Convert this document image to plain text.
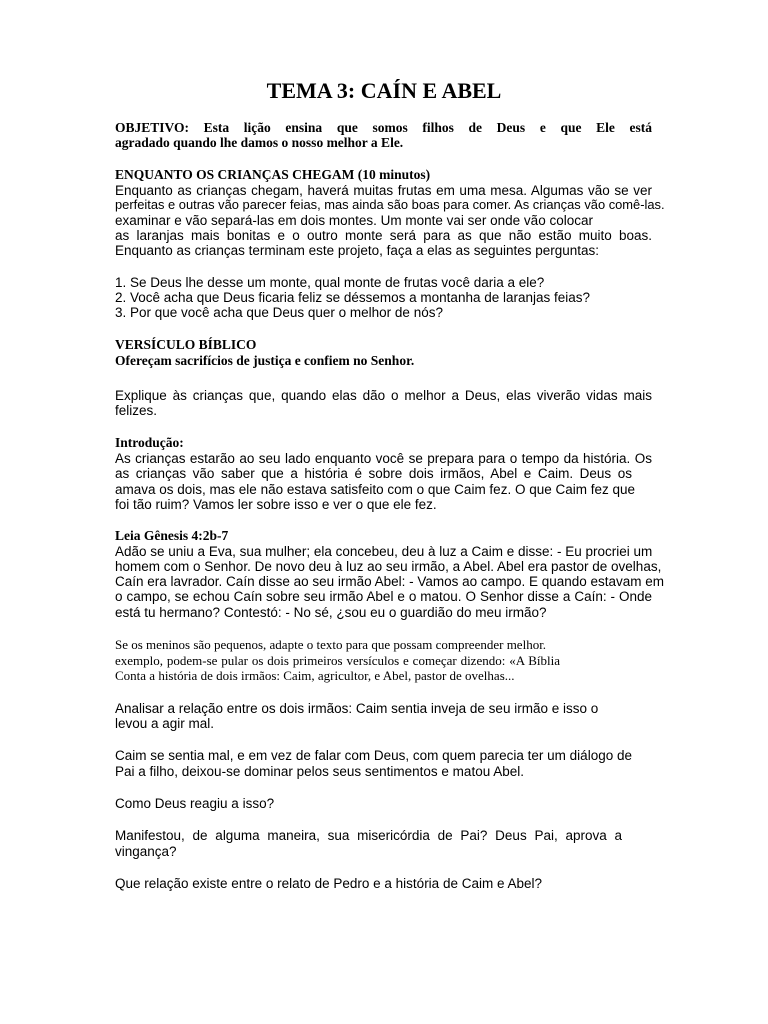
TEMA 3: CAÍN E ABEL

OBJETIVO: Esta lição ensina que somos filhos de Deus e que Ele está

agradado quando lhe damos o nosso melhor a Ele.

ENQUANTO OS CRIANÇAS CHEGAM (10 minutos)

Enquanto as crianças chegam, haverá muitas frutas em uma mesa. Algumas vão se ver

perfeitas e outras vão parecer feias, mas ainda são boas para comer. As crianças vão comê-las.

examinar e vão separá-las em dois montes. Um monte vai ser onde vão colocar

as laranjas mais bonitas e o outro monte será para as que não estão muito boas.

Enquanto as crianças terminam este projeto, faça a elas as seguintes perguntas:

1. Se Deus lhe desse um monte, qual monte de frutas você daria a ele?

2. Você acha que Deus ficaria feliz se déssemos a montanha de laranjas feias?

3. Por que você acha que Deus quer o melhor de nós?

VERSÍCULO BÍBLICO

Ofereçam sacrifícios de justiça e confiem no Senhor.

Explique às crianças que, quando elas dão o melhor a Deus, elas viverão vidas mais

felizes.

Introdução:

As crianças estarão ao seu lado enquanto você se prepara para o tempo da história. Os

as crianças vão saber que a história é sobre dois irmãos, Abel e Caim. Deus os

amava os dois, mas ele não estava satisfeito com o que Caim fez. O que Caim fez que

foi tão ruim? Vamos ler sobre isso e ver o que ele fez.

Leia Gênesis 4:2b-7

Adão se uniu a Eva, sua mulher; ela concebeu, deu à luz a Caim e disse: - Eu procriei um

homem com o Senhor. De novo deu à luz ao seu irmão, a Abel. Abel era pastor de ovelhas,

Caín era lavrador. Caín disse ao seu irmão Abel: - Vamos ao campo. E quando estavam em

o campo, se echou Caín sobre seu irmão Abel e o matou. O Senhor disse a Caín: - Onde

está tu hermano? Contestó: - No sé, ¿sou eu o guardião do meu irmão?

Se os meninos são pequenos, adapte o texto para que possam compreender melhor.

exemplo, podem-se pular os dois primeiros versículos e começar dizendo: «A Bíblia

Conta a história de dois irmãos: Caim, agricultor, e Abel, pastor de ovelhas...

Analisar a relação entre os dois irmãos: Caim sentia inveja de seu irmão e isso o

levou a agir mal.

Caim se sentia mal, e em vez de falar com Deus, com quem parecia ter um diálogo de

Pai a filho, deixou-se dominar pelos seus sentimentos e matou Abel.

Como Deus reagiu a isso?

Manifestou, de alguma maneira, sua misericórdia de Pai? Deus Pai, aprova a

vingança?

Que relação existe entre o relato de Pedro e a história de Caim e Abel?
